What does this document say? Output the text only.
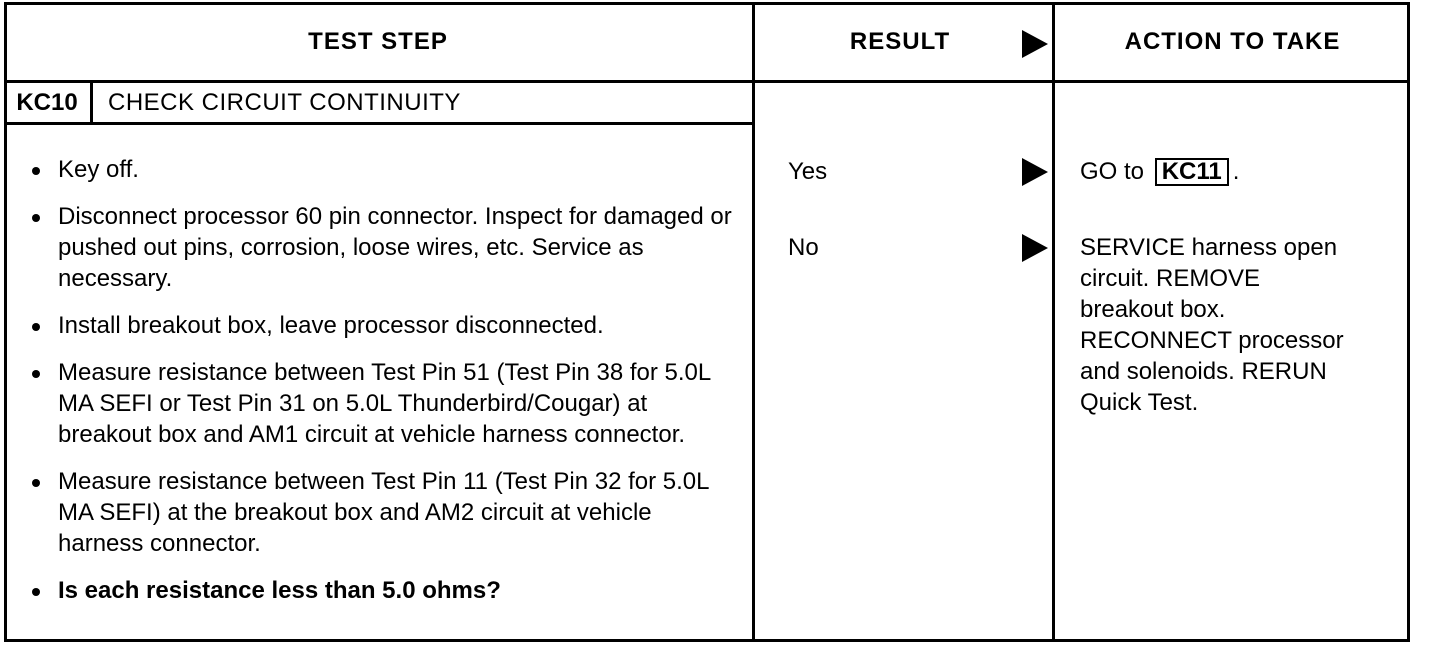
TEST STEP	RESULT	ACTION TO TAKE
KC10	CHECK CIRCUIT CONTINUITY
Key off.
Disconnect processor 60 pin connector. Inspect for damaged or pushed out pins, corrosion, loose wires, etc. Service as necessary.
Install breakout box, leave processor disconnected.
Measure resistance between Test Pin 51 (Test Pin 38 for 5.0L MA SEFI or Test Pin 31 on 5.0L Thunderbird/Cougar) at breakout box and AM1 circuit at vehicle harness connector.
Measure resistance between Test Pin 11 (Test Pin 32 for 5.0L MA SEFI) at the breakout box and AM2 circuit at vehicle harness connector.
Is each resistance less than 5.0 ohms?
Yes	GO to KC11 .
No	SERVICE harness open
circuit. REMOVE
breakout box.
RECONNECT processor
and solenoids. RERUN
Quick Test.
